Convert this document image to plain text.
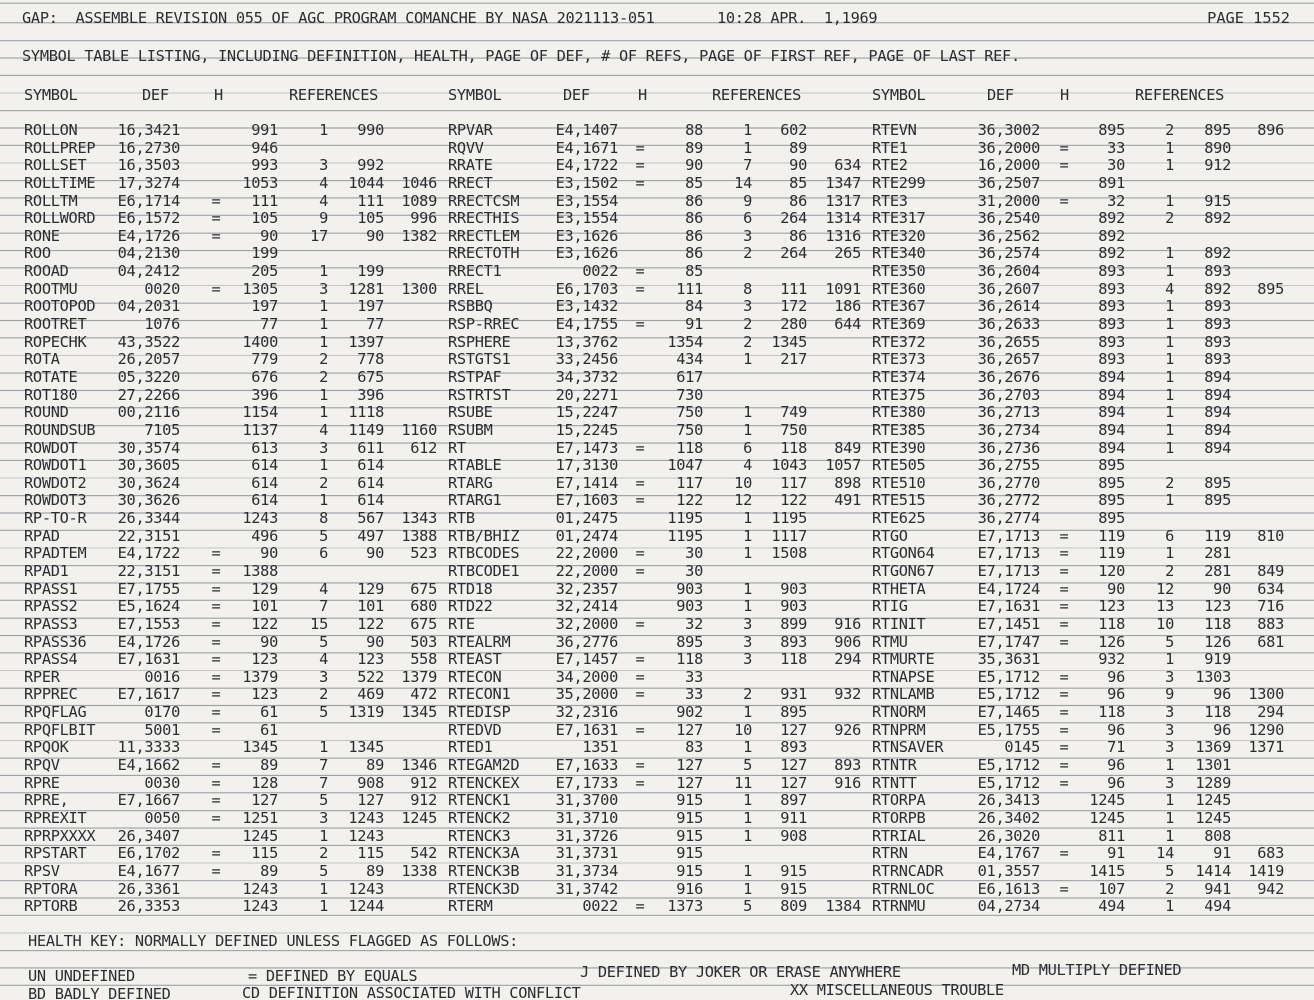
GAP:  ASSEMBLE REVISION 055 OF AGC PROGRAM COMANCHE BY NASA 2021113-051       10:28 APR.  1,1969	PAGE 1552
SYMBOL TABLE LISTING, INCLUDING DEFINITION, HEALTH, PAGE OF DEF, # OF REFS, PAGE OF FIRST REF, PAGE OF LAST REF.
SYMBOL	DEF	H	REFERENCES	SYMBOL	DEF	H	REFERENCES	SYMBOL	DEF	H	REFERENCES
ROLLON	16,3421	991	1	990	RPVAR	E4,1407	88	1	602	RTEVN	36,3002	895	2	895	896
ROLLPREP	16,2730	946	RQVV	E4,1671 =	89	1	89	RTE1	36,2000 =	33	1	890
ROLLSET	16,3503	993	3	992	RRATE	E4,1722 =	90	7	90	634 RTE2	16,2000 =	30	1	912
ROLLTIME	17,3274	1053	4	1044	1046 RRECT	E3,1502 =	85	14	85	1347 RTE299	36,2507	891
ROLLTM	E6,1714 =	111	4	111	1089 RRECTCSM	E3,1554	86	9	86	1317 RTE3	31,2000 =	32	1	915
ROLLWORD	E6,1572 =	105	9	105	996 RRECTHIS	E3,1554	86	6	264	1314 RTE317	36,2540	892	2	892
RONE	E4,1726 =	90	17	90	1382 RRECTLEM	E3,1626	86	3	86	1316 RTE320	36,2562	892
ROO	04,2130	199	RRECTOTH	E3,1626	86	2	264	265 RTE340	36,2574	892	1	892
ROOAD	04,2412	205	1	199	RRECT1	0022 =	85	RTE350	36,2604	893	1	893
ROOTMU	0020 =	1305	3	1281	1300 RREL	E6,1703 =	111	8	111	1091 RTE360	36,2607	893	4	892	895
ROOTOPOD	04,2031	197	1	197	RSBBQ	E3,1432	84	3	172	186 RTE367	36,2614	893	1	893
ROOTRET	1076	77	1	77	RSP-RREC	E4,1755 =	91	2	280	644 RTE369	36,2633	893	1	893
ROPECHK	43,3522	1400	1	1397	RSPHERE	13,3762	1354	2	1345	RTE372	36,2655	893	1	893
ROTA	26,2057	779	2	778	RSTGTS1	33,2456	434	1	217	RTE373	36,2657	893	1	893
ROTATE	05,3220	676	2	675	RSTPAF	34,3732	617	RTE374	36,2676	894	1	894
ROT180	27,2266	396	1	396	RSTRTST	20,2271	730	RTE375	36,2703	894	1	894
ROUND	00,2116	1154	1	1118	RSUBE	15,2247	750	1	749	RTE380	36,2713	894	1	894
ROUNDSUB	7105	1137	4	1149	1160 RSUBM	15,2245	750	1	750	RTE385	36,2734	894	1	894
ROWDOT	30,3574	613	3	611	612 RT	E7,1473 =	118	6	118	849 RTE390	36,2736	894	1	894
ROWDOT1	30,3605	614	1	614	RTABLE	17,3130	1047	4	1043	1057 RTE505	36,2755	895
ROWDOT2	30,3624	614	2	614	RTARG	E7,1414 =	117	10	117	898 RTE510	36,2770	895	2	895
ROWDOT3	30,3626	614	1	614	RTARG1	E7,1603 =	122	12	122	491 RTE515	36,2772	895	1	895
RP-TO-R	26,3344	1243	8	567	1343 RTB	01,2475	1195	1	1195	RTE625	36,2774	895
RPAD	22,3151	496	5	497	1388 RTB/BHIZ	01,2474	1195	1	1117	RTGO	E7,1713 =	119	6	119	810
RPADTEM	E4,1722 =	90	6	90	523 RTBCODES	22,2000 =	30	1	1508	RTGON64	E7,1713 =	119	1	281
RPAD1	22,3151 =	1388	RTBCODE1	22,2000 =	30	RTGON67	E7,1713 =	120	2	281	849
RPASS1	E7,1755 =	129	4	129	675 RTD18	32,2357	903	1	903	RTHETA	E4,1724 =	90	12	90	634
RPASS2	E5,1624 =	101	7	101	680 RTD22	32,2414	903	1	903	RTIG	E7,1631 =	123	13	123	716
RPASS3	E7,1553 =	122	15	122	675 RTE	32,2000 =	32	3	899	916 RTINIT	E7,1451 =	118	10	118	883
RPASS36	E4,1726 =	90	5	90	503 RTEALRM	36,2776	895	3	893	906 RTMU	E7,1747 =	126	5	126	681
RPASS4	E7,1631 =	123	4	123	558 RTEAST	E7,1457 =	118	3	118	294 RTMURTE	35,3631	932	1	919
RPER	0016 =	1379	3	522	1379 RTECON	34,2000 =	33	RTNAPSE	E5,1712 =	96	3	1303
RPPREC	E7,1617 =	123	2	469	472 RTECON1	35,2000 =	33	2	931	932 RTNLAMB	E5,1712 =	96	9	96	1300
RPQFLAG	0170 =	61	5	1319	1345 RTEDISP	32,2316	902	1	895	RTNORM	E7,1465 =	118	3	118	294
RPQFLBIT	5001 =	61	RTEDVD	E7,1631 =	127	10	127	926 RTNPRM	E5,1755 =	96	3	96	1290
RPQOK	11,3333	1345	1	1345	RTED1	1351	83	1	893	RTNSAVER	0145 =	71	3	1369	1371
RPQV	E4,1662 =	89	7	89	1346 RTEGAM2D	E7,1633 =	127	5	127	893 RTNTR	E5,1712 =	96	1	1301
RPRE	0030 =	128	7	908	912 RTENCKEX	E7,1733 =	127	11	127	916 RTNTT	E5,1712 =	96	3	1289
RPRE,	E7,1667 =	127	5	127	912 RTENCK1	31,3700	915	1	897	RTORPA	26,3413	1245	1	1245
RPREXIT	0050 =	1251	3	1243	1245 RTENCK2	31,3710	915	1	911	RTORPB	26,3402	1245	1	1245
RPRPXXXX	26,3407	1245	1	1243	RTENCK3	31,3726	915	1	908	RTRIAL	26,3020	811	1	808
RPSTART	E6,1702 =	115	2	115	542 RTENCK3A	31,3731	915	RTRN	E4,1767 =	91	14	91	683
RPSV	E4,1677 =	89	5	89	1338 RTENCK3B	31,3734	915	1	915	RTRNCADR	01,3557	1415	5	1414	1419
RPTORA	26,3361	1243	1	1243	RTENCK3D	31,3742	916	1	915	RTRNLOC	E6,1613 =	107	2	941	942
RPTORB	26,3353	1243	1	1244	RTERM	0022 =	1373	5	809	1384 RTRNMU	04,2734	494	1	494
HEALTH KEY: NORMALLY DEFINED UNLESS FLAGGED AS FOLLOWS:
UN UNDEFINED	= DEFINED BY EQUALS	J DEFINED BY JOKER OR ERASE ANYWHERE	MD MULTIPLY DEFINED
BD BADLY DEFINED	CD DEFINITION ASSOCIATED WITH CONFLICT	XX MISCELLANEOUS TROUBLE
